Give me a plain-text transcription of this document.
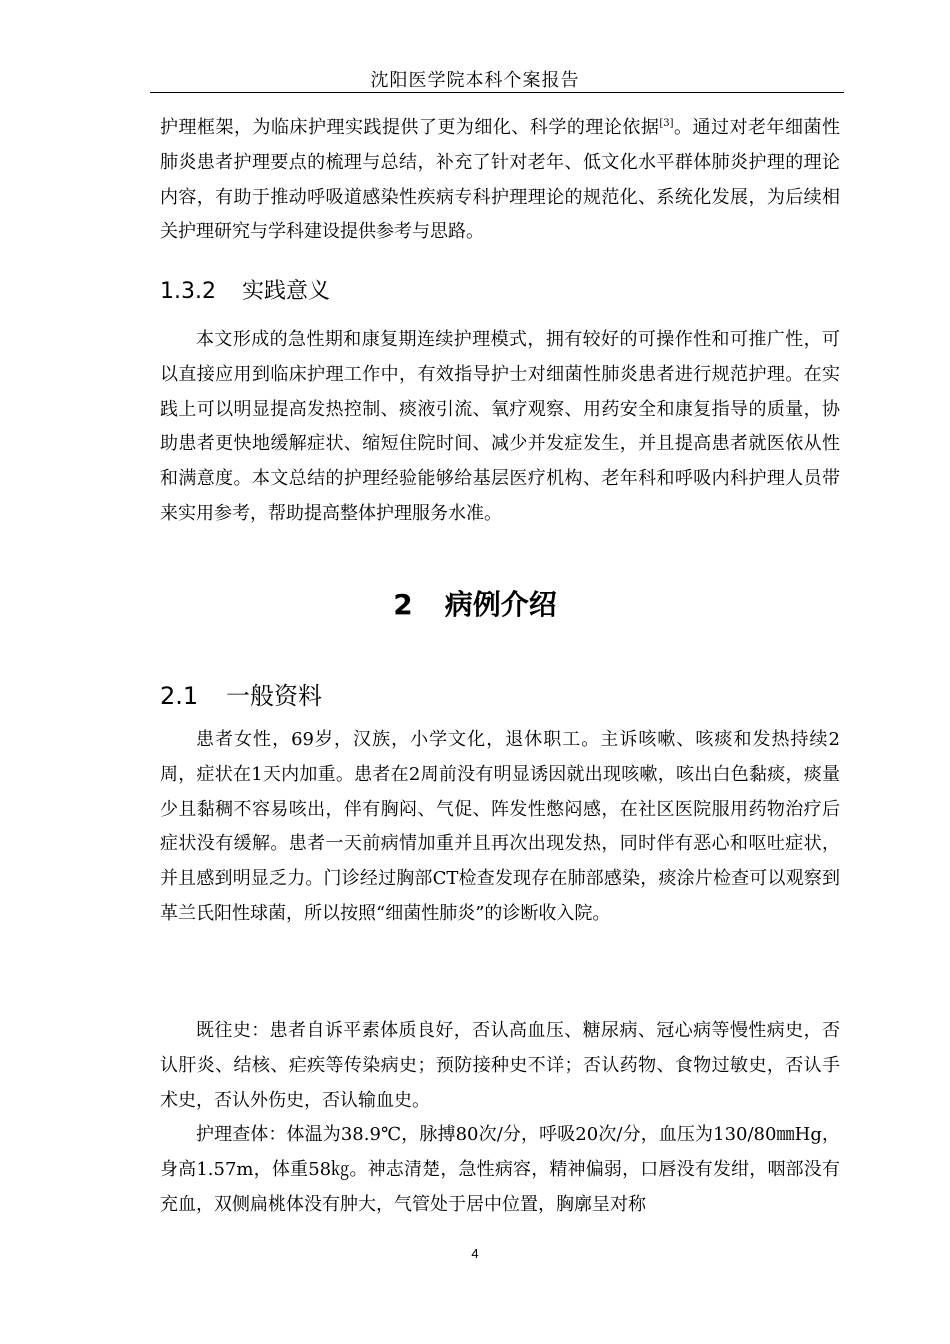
沈阳医学院本科个案报告

护理框架，为临床护理实践提供了更为细化、科学的理论依据[3]。通过对老年细菌性肺炎患者护理要点的梳理与总结，补充了针对老年、低文化水平群体肺炎护理的理论内容，有助于推动呼吸道感染性疾病专科护理理论的规范化、系统化发展，为后续相关护理研究与学科建设提供参考与思路。

1.3.2 实践意义

本文形成的急性期和康复期连续护理模式，拥有较好的可操作性和可推广性，可以直接应用到临床护理工作中，有效指导护士对细菌性肺炎患者进行规范护理。在实践上可以明显提高发热控制、痰液引流、氧疗观察、用药安全和康复指导的质量，协助患者更快地缓解症状、缩短住院时间、减少并发症发生，并且提高患者就医依从性和满意度。本文总结的护理经验能够给基层医疗机构、老年科和呼吸内科护理人员带来实用参考，帮助提高整体护理服务水准。

2 病例介绍
2.1 一般资料

患者女性，69岁，汉族，小学文化，退休职工。主诉咳嗽、咳痰和发热持续2周，症状在1天内加重。患者在2周前没有明显诱因就出现咳嗽，咳出白色黏痰，痰量少且黏稠不容易咳出，伴有胸闷、气促、阵发性憋闷感，在社区医院服用药物治疗后症状没有缓解。患者一天前病情加重并且再次出现发热，同时伴有恶心和呕吐症状，并且感到明显乏力。门诊经过胸部CT检查发现存在肺部感染，痰涂片检查可以观察到革兰氏阳性球菌，所以按照“细菌性肺炎”的诊断收入院。

既往史：患者自诉平素体质良好，否认高血压、糖尿病、冠心病等慢性病史，否认肝炎、结核、疟疾等传染病史；预防接种史不详；否认药物、食物过敏史，否认手术史，否认外伤史，否认输血史。

护理查体：体温为38.9℃，脉搏80次/分，呼吸20次/分，血压为130/80㎜Hg，身高1.57m，体重58㎏。神志清楚，急性病容，精神偏弱，口唇没有发绀，咽部没有充血，双侧扁桃体没有肿大，气管处于居中位置，胸廓呈对称

4
